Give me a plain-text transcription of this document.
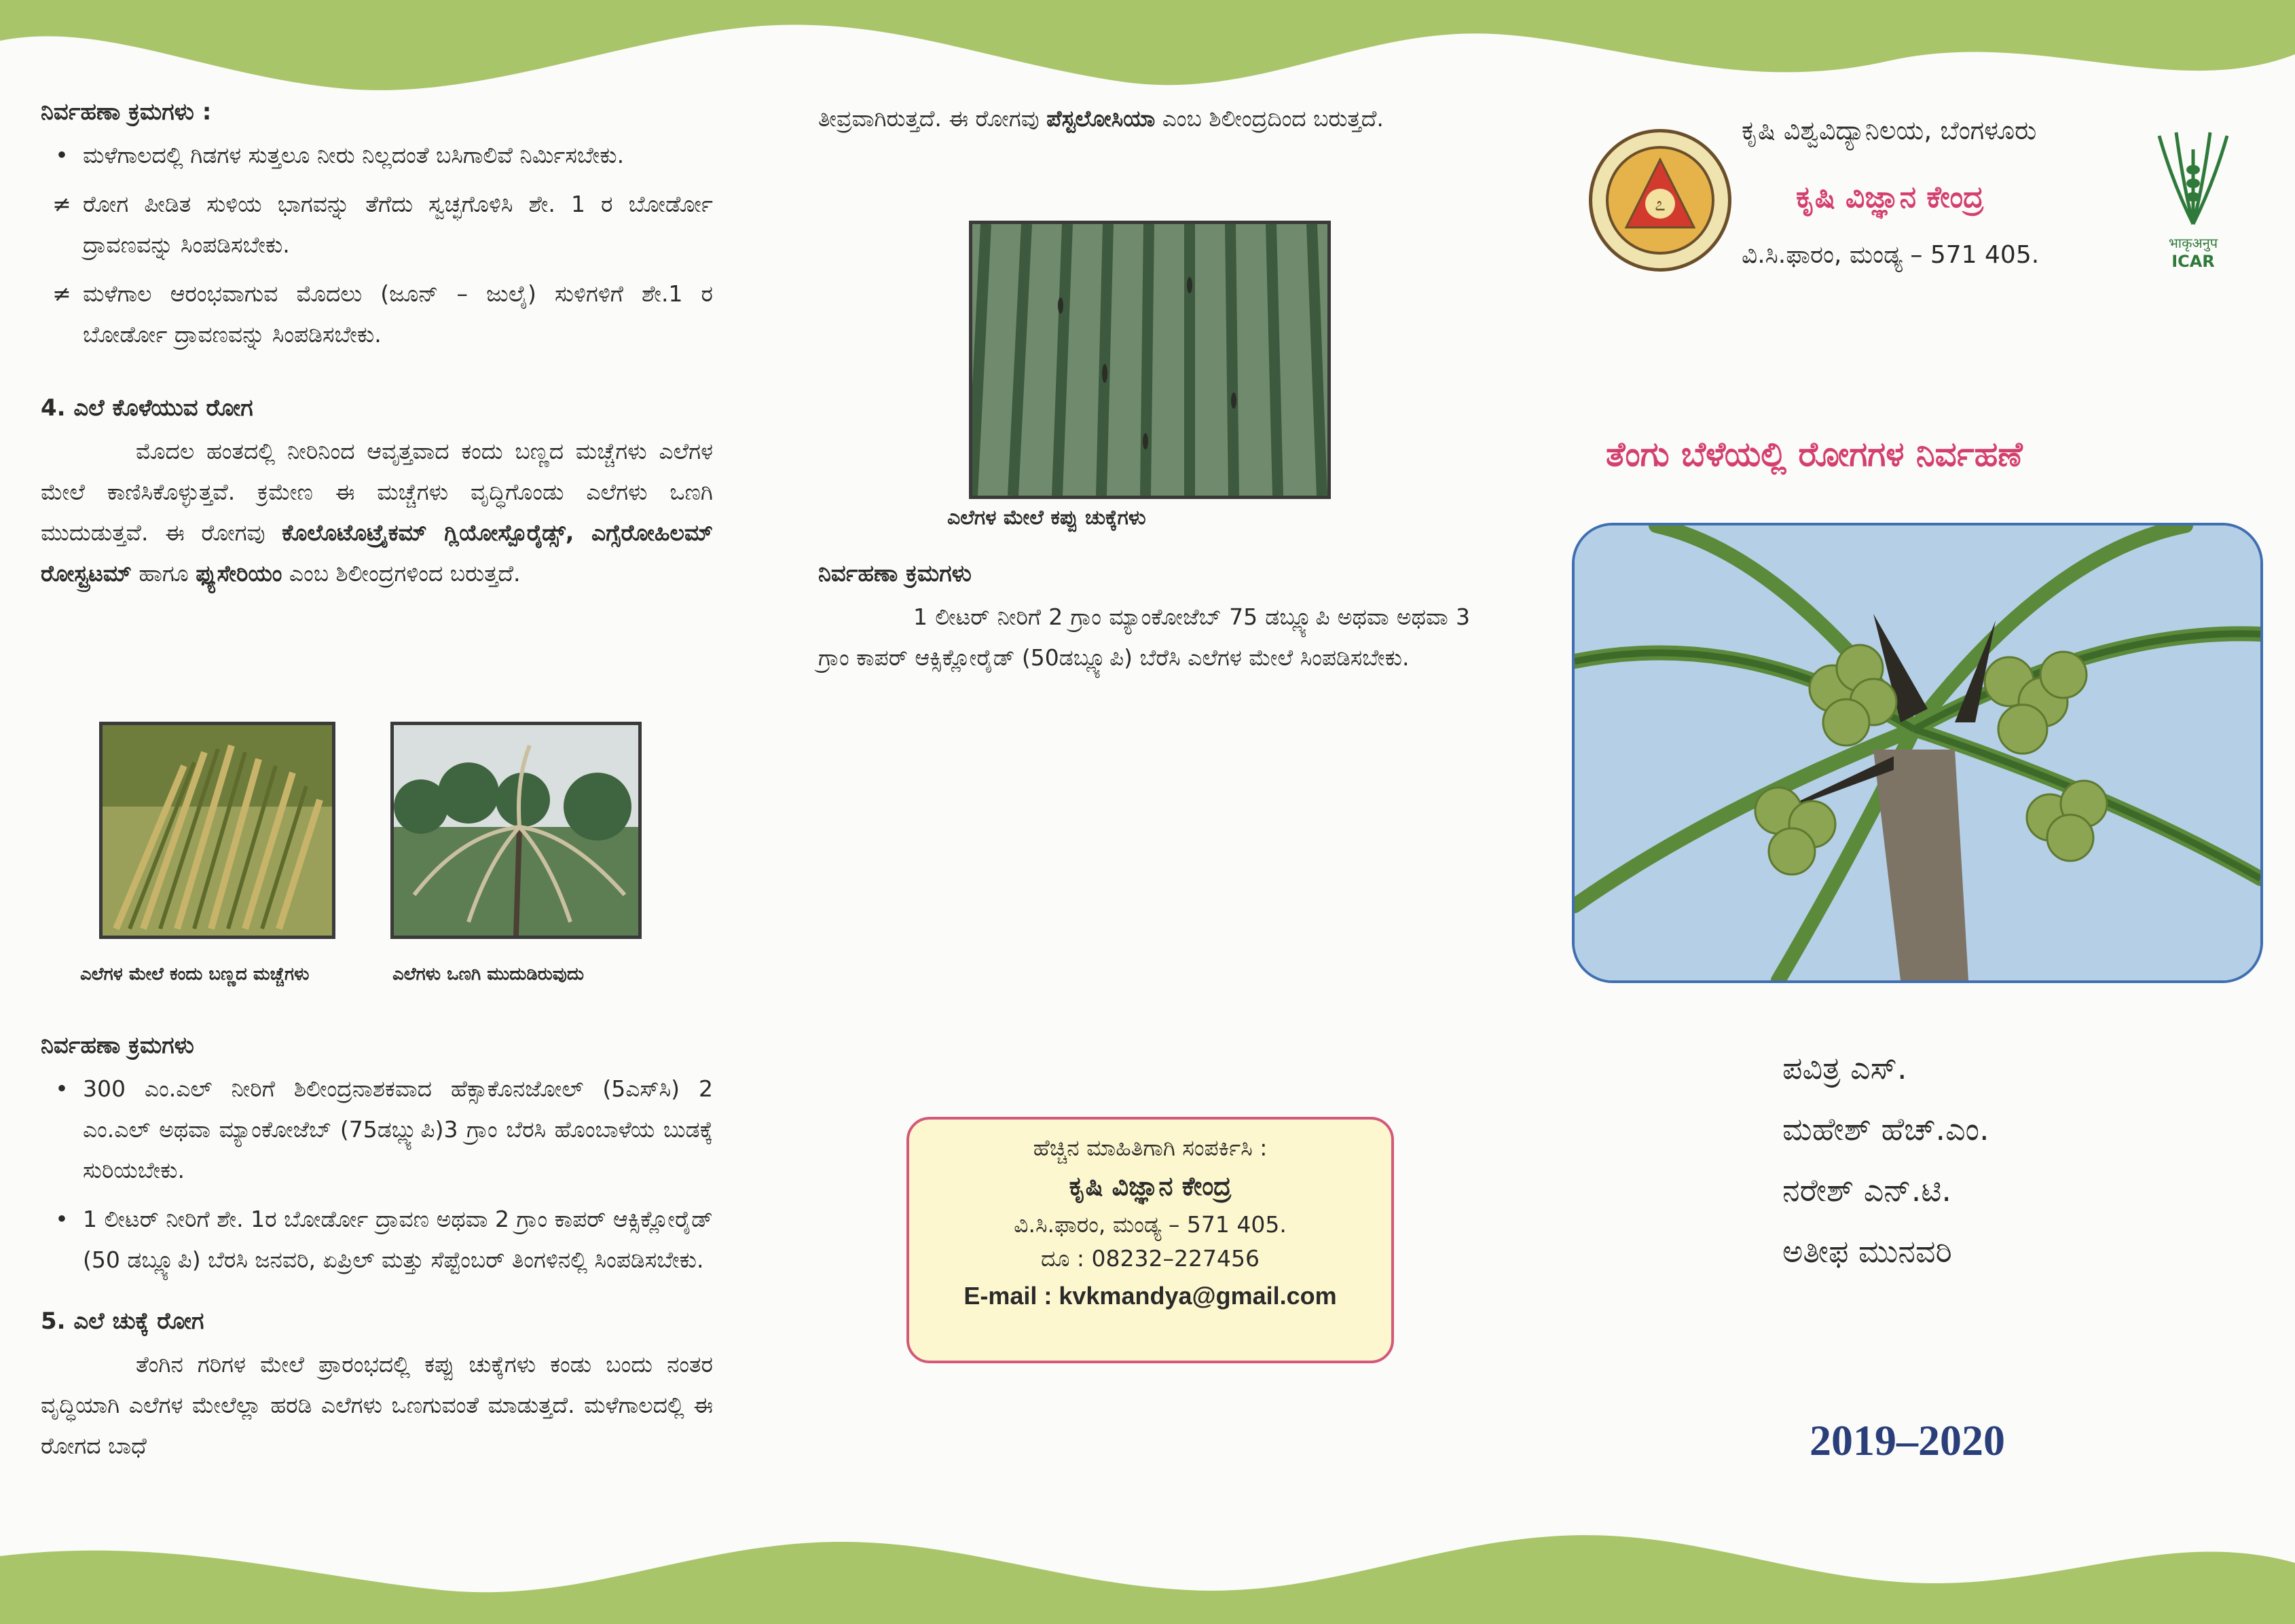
ನಿರ್ವಹಣಾ ಕ್ರಮಗಳು :

• ಮಳೆಗಾಲದಲ್ಲಿ ಗಿಡಗಳ ಸುತ್ತಲೂ ನೀರು ನಿಲ್ಲದಂತೆ ಬಸಿಗಾಲಿವೆ ನಿರ್ಮಿಸಬೇಕು.
≠ ರೋಗ ಪೀಡಿತ ಸುಳಿಯ ಭಾಗವನ್ನು ತೆಗೆದು ಸ್ವಚ್ಛಗೊಳಿಸಿ ಶೇ. 1 ರ ಬೋರ್ಡೋ ದ್ರಾವಣವನ್ನು ಸಿಂಪಡಿಸಬೇಕು.
≠ ಮಳೆಗಾಲ ಆರಂಭವಾಗುವ ಮೊದಲು (ಜೂನ್ – ಜುಲೈ) ಸುಳಿಗಳಿಗೆ ಶೇ.1 ರ ಬೋರ್ಡೋ ದ್ರಾವಣವನ್ನು ಸಿಂಪಡಿಸಬೇಕು.

4. ಎಲೆ ಕೊಳೆಯುವ ರೋಗ

ಮೊದಲ ಹಂತದಲ್ಲಿ ನೀರಿನಿಂದ ಆವೃತ್ತವಾದ ಕಂದು ಬಣ್ಣದ ಮಚ್ಚೆಗಳು ಎಲೆಗಳ ಮೇಲೆ ಕಾಣಿಸಿಕೊಳ್ಳುತ್ತವೆ. ಕ್ರಮೇಣ ಈ ಮಚ್ಚೆಗಳು ವೃದ್ಧಿಗೊಂಡು ಎಲೆಗಳು ಒಣಗಿ ಮುದುಡುತ್ತವೆ. ಈ ರೋಗವು ಕೊಲೊಟೊಟ್ರೈಕಮ್ ಗ್ಲಿಯೋಸ್ಪೊರೈಡ್ಸ್, ಎಗ್ಸೆರೋಹಿಲಮ್ ರೋಸ್ಟ್ರಟಮ್ ಹಾಗೂ ಫ್ಯುಸೇರಿಯಂ ಎಂಬ ಶಿಲೀಂದ್ರಗಳಿಂದ ಬರುತ್ತದೆ.

ಎಲೆಗಳ ಮೇಲೆ ಕಂದು ಬಣ್ಣದ ಮಚ್ಚೆಗಳು	ಎಲೆಗಳು ಒಣಗಿ ಮುದುಡಿರುವುದು

ನಿರ್ವಹಣಾ ಕ್ರಮಗಳು

• 300 ಎಂ.ಎಲ್ ನೀರಿಗೆ ಶಿಲೀಂದ್ರನಾಶಕವಾದ ಹೆಕ್ಸಾಕೊನಜೋಲ್ (5ಎಸ್‌ಸಿ) 2 ಎಂ.ಎಲ್ ಅಥವಾ ಮ್ಯಾಂಕೋಜೆಬ್ (75ಡಬ್ಲ್ಯುಪಿ)3 ಗ್ರಾಂ ಬೆರಸಿ ಹೊಂಬಾಳೆಯ ಬುಡಕ್ಕೆ ಸುರಿಯಬೇಕು.
• 1 ಲೀಟರ್ ನೀರಿಗೆ ಶೇ. 1ರ ಬೋರ್ಡೋ ದ್ರಾವಣ ಅಥವಾ 2 ಗ್ರಾಂ ಕಾಪರ್ ಆಕ್ಸಿಕ್ಲೋರೈಡ್ (50 ಡಬ್ಲ್ಯೂಪಿ) ಬೆರಸಿ ಜನವರಿ, ಏಪ್ರಿಲ್ ಮತ್ತು ಸೆಪ್ಟೆಂಬರ್ ತಿಂಗಳಿನಲ್ಲಿ ಸಿಂಪಡಿಸಬೇಕು.

5. ಎಲೆ ಚುಕ್ಕೆ ರೋಗ

ತೆಂಗಿನ ಗರಿಗಳ ಮೇಲೆ ಪ್ರಾರಂಭದಲ್ಲಿ ಕಪ್ಪು ಚುಕ್ಕೆಗಳು ಕಂಡು ಬಂದು ನಂತರ ವೃದ್ಧಿಯಾಗಿ ಎಲೆಗಳ ಮೇಲೆಲ್ಲಾ ಹರಡಿ ಎಲೆಗಳು ಒಣಗುವಂತೆ ಮಾಡುತ್ತದೆ. ಮಳೆಗಾಲದಲ್ಲಿ ಈ ರೋಗದ ಬಾಧೆ

ತೀವ್ರವಾಗಿರುತ್ತದೆ. ಈ ರೋಗವು ಪೆಸ್ಟಲೋಸಿಯಾ ಎಂಬ ಶಿಲೀಂದ್ರದಿಂದ ಬರುತ್ತದೆ.

ಎಲೆಗಳ ಮೇಲೆ ಕಪ್ಪು ಚುಕ್ಕೆಗಳು

ನಿರ್ವಹಣಾ ಕ್ರಮಗಳು

1 ಲೀಟರ್ ನೀರಿಗೆ 2 ಗ್ರಾಂ ಮ್ಯಾಂಕೋಜೆಬ್ 75 ಡಬ್ಲ್ಯೂಪಿ ಅಥವಾ ಅಥವಾ 3 ಗ್ರಾಂ ಕಾಪರ್ ಆಕ್ಸಿಕ್ಲೋರೈಡ್ (50ಡಬ್ಲ್ಯೂಪಿ) ಬೆರೆಸಿ ಎಲೆಗಳ ಮೇಲೆ ಸಿಂಪಡಿಸಬೇಕು.

ಹೆಚ್ಚಿನ ಮಾಹಿತಿಗಾಗಿ ಸಂಪರ್ಕಿಸಿ :
ಕೃಷಿ ವಿಜ್ಞಾನ ಕೇಂದ್ರ
ವಿ.ಸಿ.ಫಾರಂ, ಮಂಡ್ಯ – 571 405.
ದೂ : 08232–227456
E-mail : kvkmandya@gmail.com
೭
ಕೃಷಿ ವಿಶ್ವವಿದ್ಯಾನಿಲಯ, ಬೆಂಗಳೂರು
ಕೃಷಿ ವಿಜ್ಞಾನ ಕೇಂದ್ರ
ವಿ.ಸಿ.ಫಾರಂ, ಮಂಡ್ಯ – 571 405.	भाकृअनुप
ICAR
ತೆಂಗು ಬೆಳೆಯಲ್ಲಿ ರೋಗಗಳ ನಿರ್ವಹಣೆ
ಪವಿತ್ರ ಎಸ್.
ಮಹೇಶ್ ಹೆಚ್.ಎಂ.
ನರೇಶ್ ಎನ್.ಟಿ.
ಅತೀಫ ಮುನವರಿ
2019–2020
